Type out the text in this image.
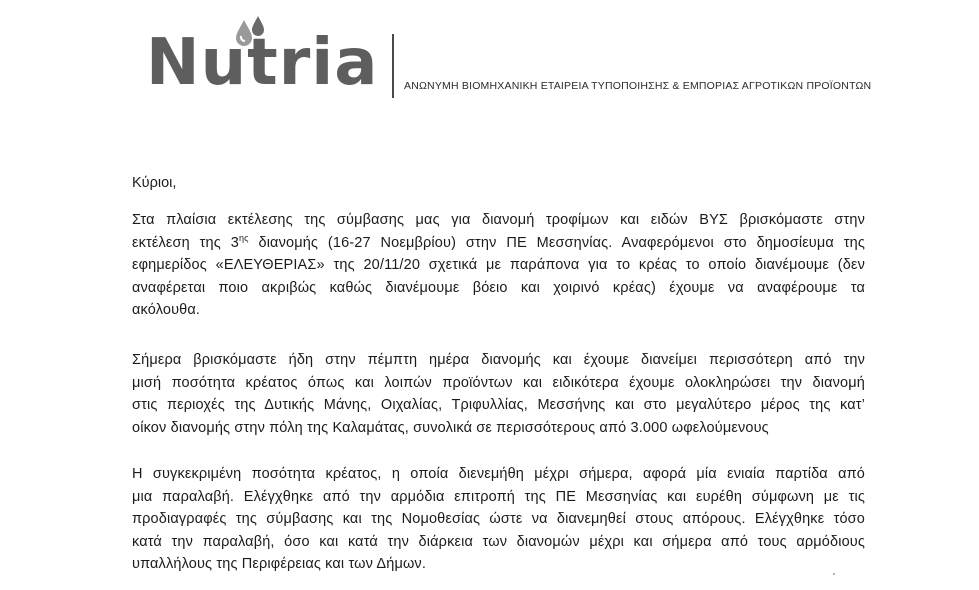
Nutria ΑΝΩΝΥΜΗ ΒΙΟΜΗΧΑΝΙΚΗ ΕΤΑΙΡΕΙΑ ΤΥΠΟΠΟΙΗΣΗΣ & ΕΜΠΟΡΙΑΣ ΑΓΡΟΤΙΚΩΝ ΠΡΟΪΟΝΤΩΝ
Κύριοι,
Στα πλαίσια εκτέλεσης της σύμβασης μας για διανομή τροφίμων και ειδών ΒΥΣ βρισκόμαστε στην
εκτέλεση της $3^{\eta\varsigma}$ διανομής (16-27 Νοεμβρίου) στην ΠΕ Μεσσηνίας. Αναφερόμενοι στο δημοσίευμα της
εφημερίδος «ΕΛΕΥΘΕΡΙΑΣ» της 20/11/20 σχετικά με παράπονα για το κρέας το οποίο διανέμουμε (δεν
αναφέρεται ποιο ακριβώς καθώς διανέμουμε βόειο και χοιρινό κρέας) έχουμε να αναφέρουμε τα
ακόλουθα.
Σήμερα βρισκόμαστε ήδη στην πέμπτη ημέρα διανομής και έχουμε διανείμει περισσότερη από την
μισή ποσότητα κρέατος όπως και λοιπών προϊόντων και ειδικότερα έχουμε ολοκληρώσει την διανομή
στις περιοχές της Δυτικής Μάνης, Οιχαλίας, Τριφυλλίας, Μεσσήνης και στο μεγαλύτερο μέρος της κατ’
οίκον διανομής στην πόλη της Καλαμάτας, συνολικά σε περισσότερους από 3.000 ωφελούμενους
Η συγκεκριμένη ποσότητα κρέατος, η οποία διενεμήθη μέχρι σήμερα, αφορά μία ενιαία παρτίδα από
μια παραλαβή. Ελέγχθηκε από την αρμόδια επιτροπή της ΠΕ Μεσσηνίας και ευρέθη σύμφωνη με τις
προδιαγραφές της σύμβασης και της Νομοθεσίας ώστε να διανεμηθεί στους απόρους. Ελέγχθηκε τόσο
κατά την παραλαβή, όσο και κατά την διάρκεια των διανομών μέχρι και σήμερα από τους αρμόδιους
υπαλλήλους της Περιφέρειας και των Δήμων.
